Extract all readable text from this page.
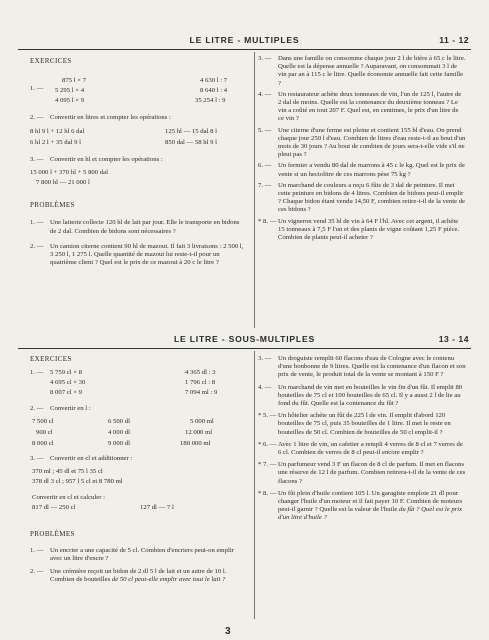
LE LITRE - MULTIPLES	11 - 12
EXERCICES
1. —
875 l × 7	4 630 l : 7
5 295 l × 4	8 640 l : 4
4 095 l × 9	35 254 l : 9
2. — Convertir en litres et compter les opérations :
8 hl 9 l + 12 hl 6 dal	125 hl — 15 dal 8 l
6 hl 2 l + 35 dal 9 l	850 dal — 58 hl 9 l
3. — Convertir en hl et compter les opérations :
15 000 l + 370 hl + 5 800 dal
7 800 hl — 21 000 l
PROBLÈMES
1. — Une laiterie collecte 120 hl de lait par jour. Elle le transporte en bidons de 2 dal. Combien de bidons sont nécessaires ?

2. — Un camion citerne contient 90 hl de mazout. Il fait 3 livraisons : 2 500 l, 3 250 l, 1 275 l. Quelle quantité de mazout lui reste-t-il pour un quatrième client ? Quel est le prix de ce mazout à 20 c le litre ?

3. — Dans une famille on consomme chaque jour 2 l de bière à 65 c le litre. Quelle est la dépense annuelle ? Auparavant, on consommait 3 l de vin par an à 115 c le litre. Quelle économie annuelle fait cette famille ?

4. — Un restaurateur achète deux tonneaux de vin, l'un de 125 l, l'autre de 2 dal de moins. Quelle est la contenance du deuxième tonneau ? Le vin a coûté en tout 207 F. Quel est, en centimes, le prix d'un litre de ce vin ?

5. — Une citerne d'une ferme est pleine et contient 155 hl d'eau. On prend chaque jour 250 l d'eau. Combien de litres d'eau reste-t-il au bout d'un mois de 30 jours ? Au bout de combien de jours sera-t-elle vide s'il ne pleut pas ?

6. — Un fermier a vendu 80 dal de marrons à 45 c le kg. Quel est le prix de vente si un hectolitre de ces marrons pèse 75 kg ?

7. — Un marchand de couleurs a reçu 6 fûts de 3 dal de peinture. Il met cette peinture en bidons de 4 litres. Combien de bidons peut-il emplir ? Chaque bidon étant vendu 14,50 F, combien retire-t-il de la vente de ces bidons ?

* 8. — Un vigneron vend 35 hl de vin à 64 F l'hl. Avec cet argent, il achète 15 tonneaux à 7,5 F l'un et des plants de vigne coûtant 1,25 F pièce. Combien de plants peut-il acheter ?

LE LITRE - SOUS-MULTIPLES	13 - 14
EXERCICES
1. — 5 759 cl × 8	4 365 dl : 3
4 695 cl × 30	1 796 cl : 8
8 007 cl × 9	7 094 ml : 9
2. — Convertir en l :
7 500 cl	6 500 dl	5 000 ml
900 cl	4 000 dl	12 000 ml
8 000 cl	9 000 dl	180 000 ml
3. — Convertir en cl et additionner :
370 ml ; 45 dl et 75 l 35 cl
378 dl 3 cl ; 957 l 5 cl et 8 780 ml
Convertir en cl et calculer :
817 dl — 250 cl	127 dl — 7 l
PROBLÈMES
1. — Un encrier a une capacité de 5 cl. Combien d'encriers peut-on emplir avec un litre d'encre ?

2. — Une crémière reçoit un bidon de 2 dl 5 l de lait et un autre de 10 l. Combien de bouteilles de 50 cl peut-elle emplir avec tout le lait ?

3. — Un droguiste remplit 60 flacons d'eau de Cologne avec le contenu d'une bonbonne de 9 litres. Quelle est la contenance d'un flacon et son prix de vente, le produit total de la vente se montant à 150 F ?

4. — Un marchand de vin met en bouteilles le vin fin d'un fût. Il emplit 80 bouteilles de 75 cl et 100 bouteilles de 65 cl. Il y a aussi 2 l de lie au fond du fût. Quelle est la contenance du fût ?

* 5. — Un hôtelier achète un fût de 225 l de vin. Il emplit d'abord 120 bouteilles de 75 cl, puis 35 bouteilles de 1 litre. Il met le reste en bouteilles de 50 cl. Combien de bouteilles de 50 cl emplit-il ?

* 6. — Avec 1 litre de vin, un cafetier a rempli 4 verres de 8 cl et 7 verres de 6 cl. Combien de verres de 8 cl peut-il encore emplir ?

* 7. — Un parfumeur vend 3 F un flacon de 8 cl de parfum. Il met en flacons une réserve de 12 l de parfum. Combien retirera-t-il de la vente de ces flacons ?

* 8. — Un fût plein d'huile contient 105 l. Un garagiste emploie 21 dl pour changer l'huile d'un moteur et il fait payer 10 F. Combien de moteurs peut-il garnir ? Quelle est la valeur de l'huile du fût ? Quel est le prix d'un litre d'huile ?

3
